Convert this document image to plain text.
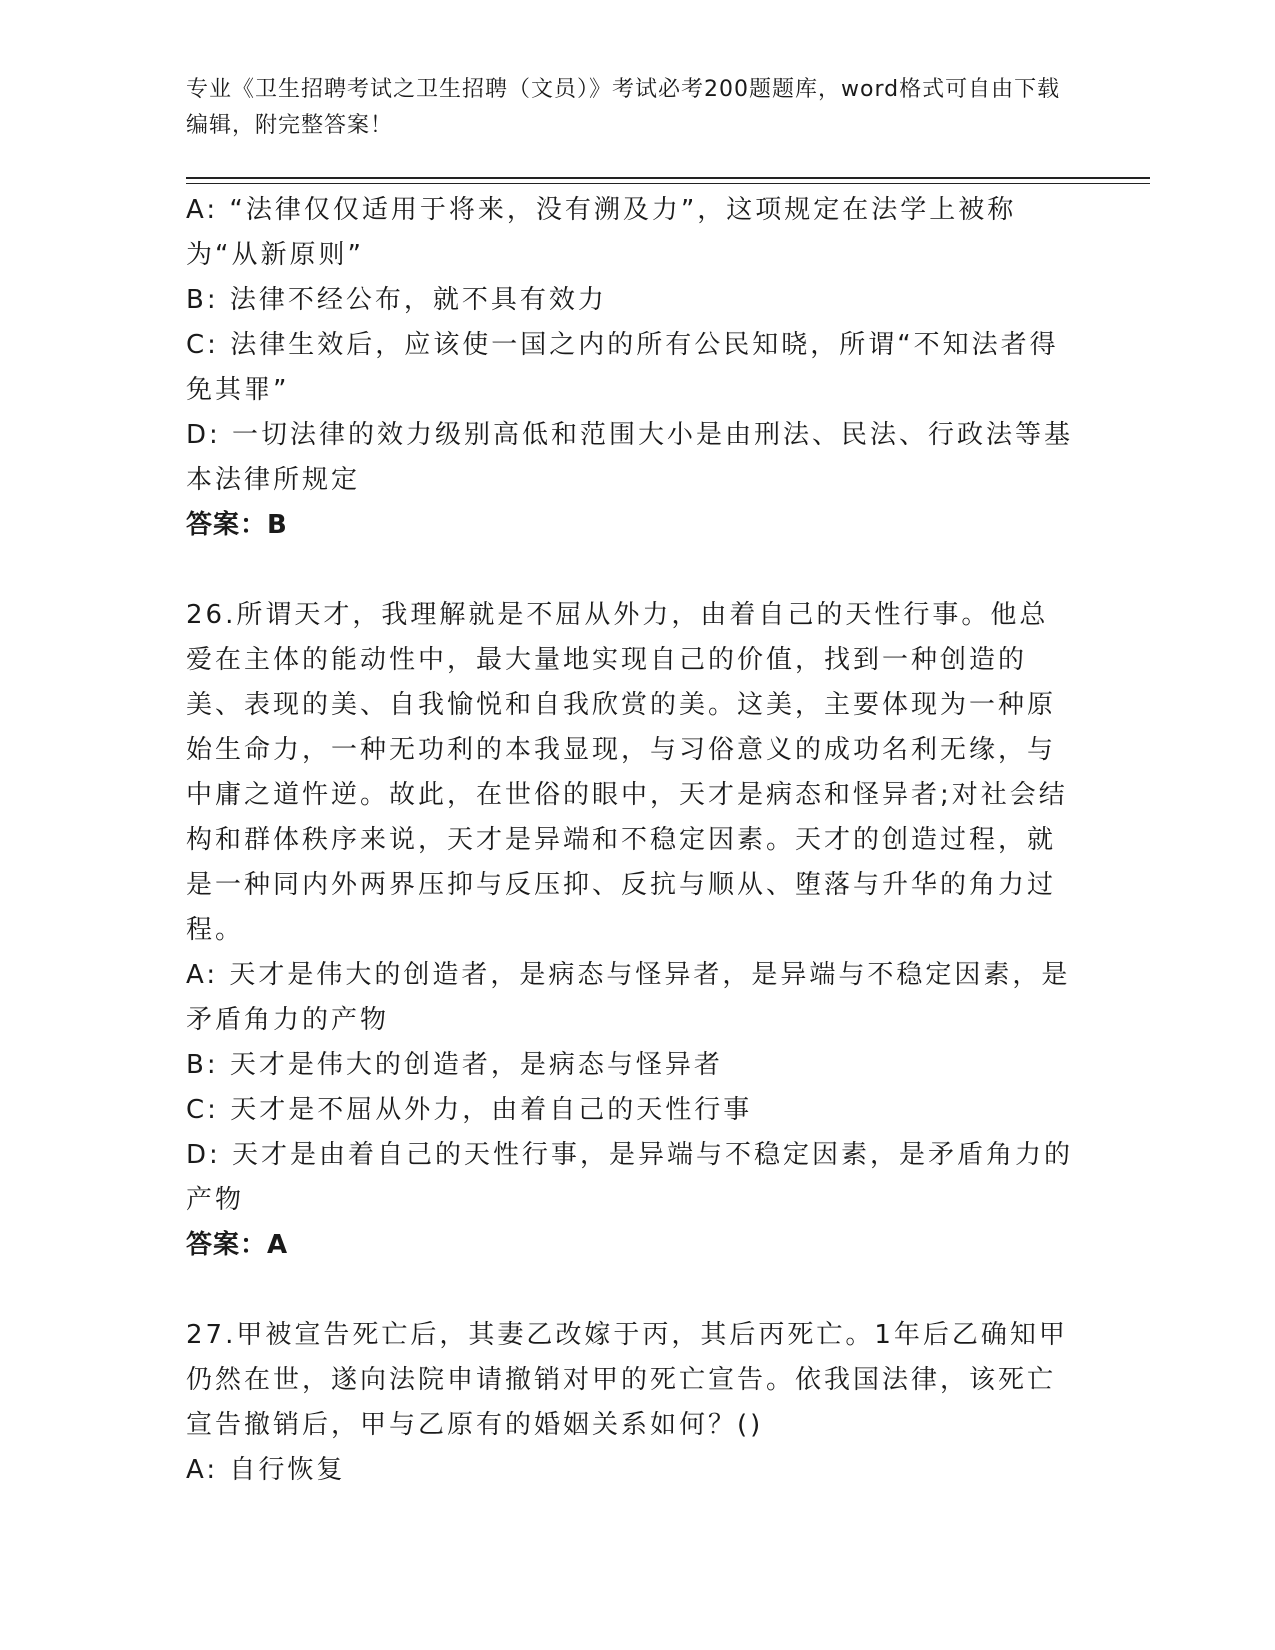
专业《卫生招聘考试之卫生招聘（文员）》考试必考200题题库，word格式可自由下载编辑，附完整答案！

A: “法律仅仅适用于将来，没有溯及力”，这项规定在法学上被称为“从新原则”

B: 法律不经公布，就不具有效力

C: 法律生效后，应该使一国之内的所有公民知晓，所谓“不知法者得免其罪”

D: 一切法律的效力级别高低和范围大小是由刑法、民法、行政法等基本法律所规定

答案：B

26.所谓天才，我理解就是不屈从外力，由着自己的天性行事。他总爱在主体的能动性中，最大量地实现自己的价值，找到一种创造的美、表现的美、自我愉悦和自我欣赏的美。这美，主要体现为一种原始生命力，一种无功利的本我显现，与习俗意义的成功名利无缘，与中庸之道忤逆。故此，在世俗的眼中，天才是病态和怪异者;对社会结构和群体秩序来说，天才是异端和不稳定因素。天才的创造过程，就是一种同内外两界压抑与反压抑、反抗与顺从、堕落与升华的角力过程。

A: 天才是伟大的创造者，是病态与怪异者，是异端与不稳定因素，是矛盾角力的产物

B: 天才是伟大的创造者，是病态与怪异者

C: 天才是不屈从外力，由着自己的天性行事

D: 天才是由着自己的天性行事，是异端与不稳定因素，是矛盾角力的产物

答案：A

27.甲被宣告死亡后，其妻乙改嫁于丙，其后丙死亡。1年后乙确知甲仍然在世，遂向法院申请撤销对甲的死亡宣告。依我国法律，该死亡宣告撤销后，甲与乙原有的婚姻关系如何？()

A: 自行恢复
